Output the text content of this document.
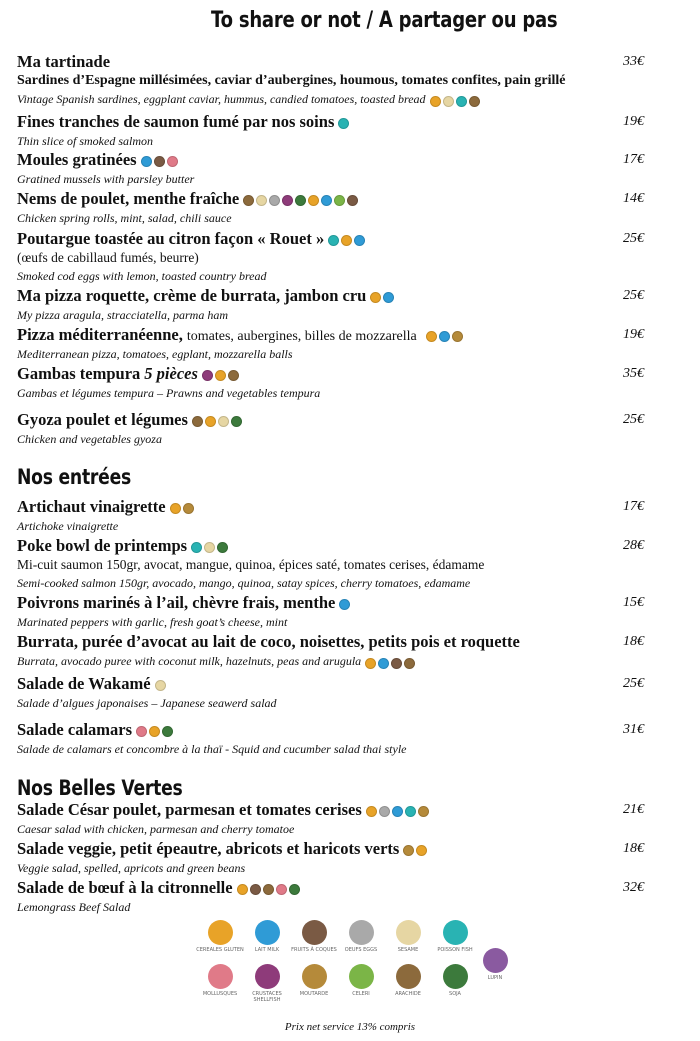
To share or not / A partager ou pas
Ma tartinade	33€
Sardines d’Espagne millésimées, caviar d’aubergines, houmous, tomates confites, pain grillé
Vintage Spanish sardines, eggplant caviar, hummus, candied tomatoes, toasted bread
Fines tranches de saumon fumé par nos soins	19€
Thin slice of smoked salmon
Moules gratinées	17€
Gratined mussels with parsley butter
Nems de poulet, menthe fraîche	14€
Chicken spring rolls, mint, salad, chili sauce
Poutargue toastée au citron façon « Rouet »	25€
(œufs de cabillaud fumés, beurre)
Smoked cod eggs with lemon, toasted country bread
Ma pizza roquette, crème de burrata, jambon cru	25€
My pizza aragula, stracciatella, parma ham
Pizza méditerranéenne, tomates, aubergines, billes de mozzarella	19€
Mediterranean pizza, tomatoes, egplant, mozzarella balls
Gambas tempura 5 pièces	35€
Gambas et légumes tempura – Prawns and vegetables tempura
Gyoza poulet et légumes	25€
Chicken and vegetables gyoza
Nos entrées
Artichaut vinaigrette	17€
Artichoke vinaigrette
Poke bowl de printemps	28€
Mi-cuit saumon 150gr, avocat, mangue, quinoa, épices saté, tomates cerises, édamame
Semi-cooked salmon 150gr, avocado, mango, quinoa, satay spices, cherry tomatoes, edamame
Poivrons marinés à l’ail, chèvre frais, menthe	15€
Marinated peppers with garlic, fresh goat’s cheese, mint
Burrata, purée d’avocat au lait de coco, noisettes, petits pois et roquette	18€
Burrata, avocado puree with coconut milk, hazelnuts, peas and arugula
Salade de Wakamé	25€
Salade d’algues japonaises – Japanese seawerd salad
Salade calamars	31€
Salade de calamars et concombre à la thaï - Squid and cucumber salad thai style
Nos Belles Vertes
Salade César poulet, parmesan et tomates cerises	21€
Caesar salad with chicken, parmesan and cherry tomatoe
Salade veggie, petit épeautre, abricots et haricots verts	18€
Veggie salad, spelled, apricots and green beans
Salade de bœuf à la citronnelle	32€
Lemongrass Beef Salad
CEREALES GLUTEN	LAIT MILK	FRUITS À COQUES	OEUFS EGGS	SESAME	POISSON FISH
LUPIN
MOLLUSQUES	CRUSTACES SHELLFISH
MOUTARDE	CELERI	ARACHIDE	SOJA
Prix net service 13% compris
